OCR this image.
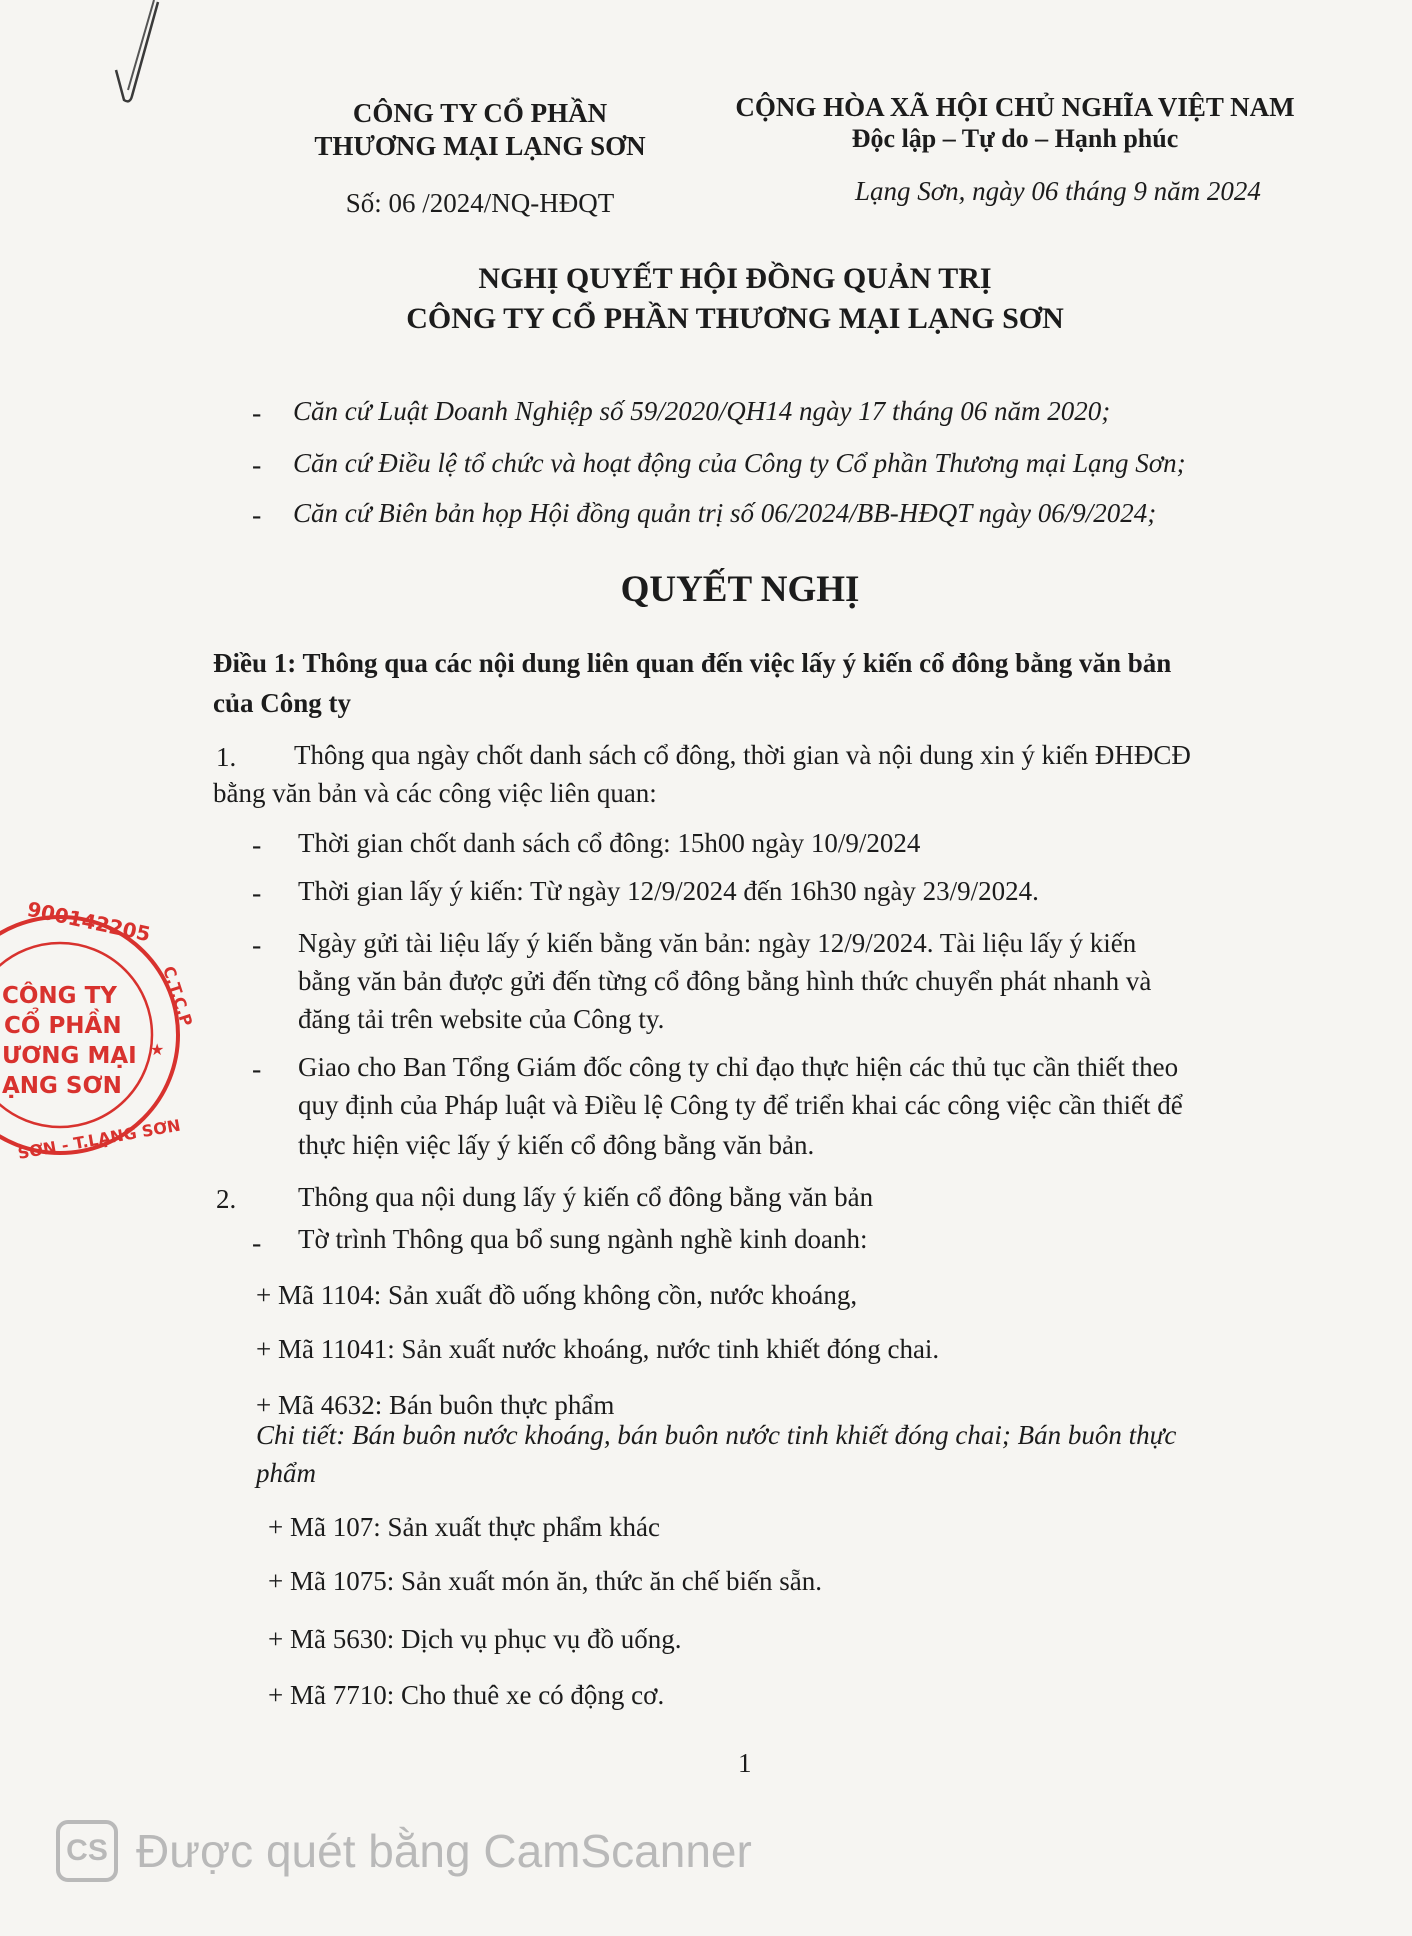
CÔNG TY CỔ PHẦN
THƯƠNG MẠI LẠNG SƠN
Số: 06 /2024/NQ-HĐQT
CỘNG HÒA XÃ HỘI CHỦ NGHĨA VIỆT NAM
Độc lập – Tự do – Hạnh phúc
Lạng Sơn, ngày 06 tháng 9 năm 2024
NGHỊ QUYẾT HỘI ĐỒNG QUẢN TRỊ
CÔNG TY CỔ PHẦN THƯƠNG MẠI LẠNG SƠN
- Căn cứ Luật Doanh Nghiệp số 59/2020/QH14 ngày 17 tháng 06 năm 2020;
- Căn cứ Điều lệ tổ chức và hoạt động của Công ty Cổ phần Thương mại Lạng Sơn;
- Căn cứ Biên bản họp Hội đồng quản trị số 06/2024/BB-HĐQT ngày 06/9/2024;
QUYẾT NGHỊ
Điều 1: Thông qua các nội dung liên quan đến việc lấy ý kiến cổ đông bằng văn bản
của Công ty
1. Thông qua ngày chốt danh sách cổ đông, thời gian và nội dung xin ý kiến ĐHĐCĐ
bằng văn bản và các công việc liên quan:
- Thời gian chốt danh sách cổ đông: 15h00 ngày 10/9/2024
- Thời gian lấy ý kiến: Từ ngày 12/9/2024 đến 16h30 ngày 23/9/2024.
- Ngày gửi tài liệu lấy ý kiến bằng văn bản: ngày 12/9/2024. Tài liệu lấy ý kiến
bằng văn bản được gửi đến từng cổ đông bằng hình thức chuyển phát nhanh và
đăng tải trên website của Công ty.
- Giao cho Ban Tổng Giám đốc công ty chỉ đạo thực hiện các thủ tục cần thiết theo
quy định của Pháp luật và Điều lệ Công ty để triển khai các công việc cần thiết để
thực hiện việc lấy ý kiến cổ đông bằng văn bản.
2. Thông qua nội dung lấy ý kiến cổ đông bằng văn bản
- Tờ trình Thông qua bổ sung ngành nghề kinh doanh:
+ Mã 1104: Sản xuất đồ uống không cồn, nước khoáng,
+ Mã 11041: Sản xuất nước khoáng, nước tinh khiết đóng chai.
+ Mã 4632: Bán buôn thực phẩm
Chi tiết: Bán buôn nước khoáng, bán buôn nước tinh khiết đóng chai; Bán buôn thực
phẩm
+ Mã 107: Sản xuất thực phẩm khác
+ Mã 1075: Sản xuất món ăn, thức ăn chế biến sẵn.
+ Mã 5630: Dịch vụ phục vụ đồ uống.
+ Mã 7710: Cho thuê xe có động cơ.
1
900142205
CÔNG TY
CỔ PHẦN
ƯƠNG MẠI
ẠNG SƠN
★
SƠN - T.LẠNG SƠN
C.T.C.P
CS Được quét bằng CamScanner
